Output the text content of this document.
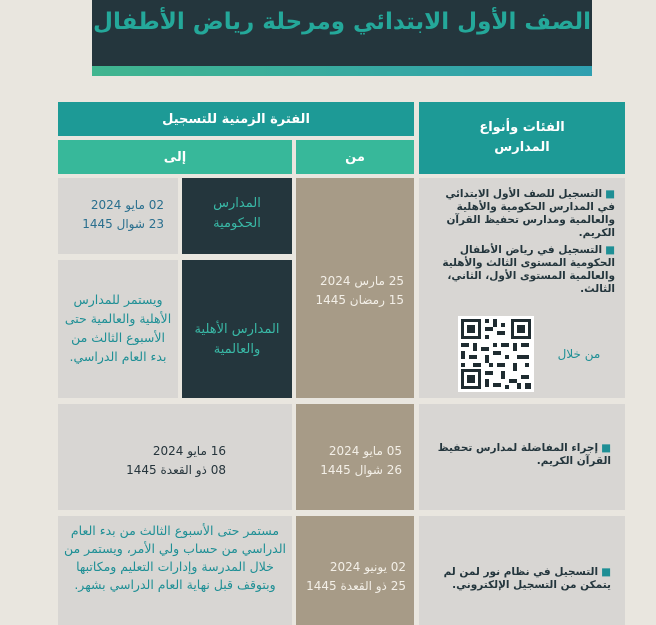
الصف الأول الابتدائي ومرحلة رياض الأطفال
الفترة الزمنية للتسجيل
الفئات وأنواع
المدارس
إلى	من
■التسجيل للصف الأول الابتدائي في المدارس الحكومية والأهلية والعالمية ومدارس تحفيظ القرآن الكريم.
■التسجيل في رياض الأطفال الحكومية المستوى الثالث والأهلية والعالمية المستوى الأول، الثاني، الثالث.
من خلال
25 مارس 2024
15 رمضان 1445
المدارس الحكومية
02 مايو 2024
23 شوال 1445
المدارس الأهلية والعالمية
ويستمر للمدارس الأهلية والعالمية حتى الأسبوع الثالث من بدء العام الدراسي.
■إجراء المفاضلة لمدارس تحفيظ القرآن الكريم.
05 مايو 2024
26 شوال 1445
16 مايو 2024
08 ذو القعدة 1445
■التسجيل في نظام نور لمن لم يتمكن من التسجيل الإلكتروني.
02 يونيو 2024
25 ذو القعدة 1445
مستمر حتى الأسبوع الثالث من بدء العام الدراسي من حساب ولي الأمر، ويستمر من خلال المدرسة وإدارات التعليم ومكاتبها وبتوقف قبل نهاية العام الدراسي بشهر.
